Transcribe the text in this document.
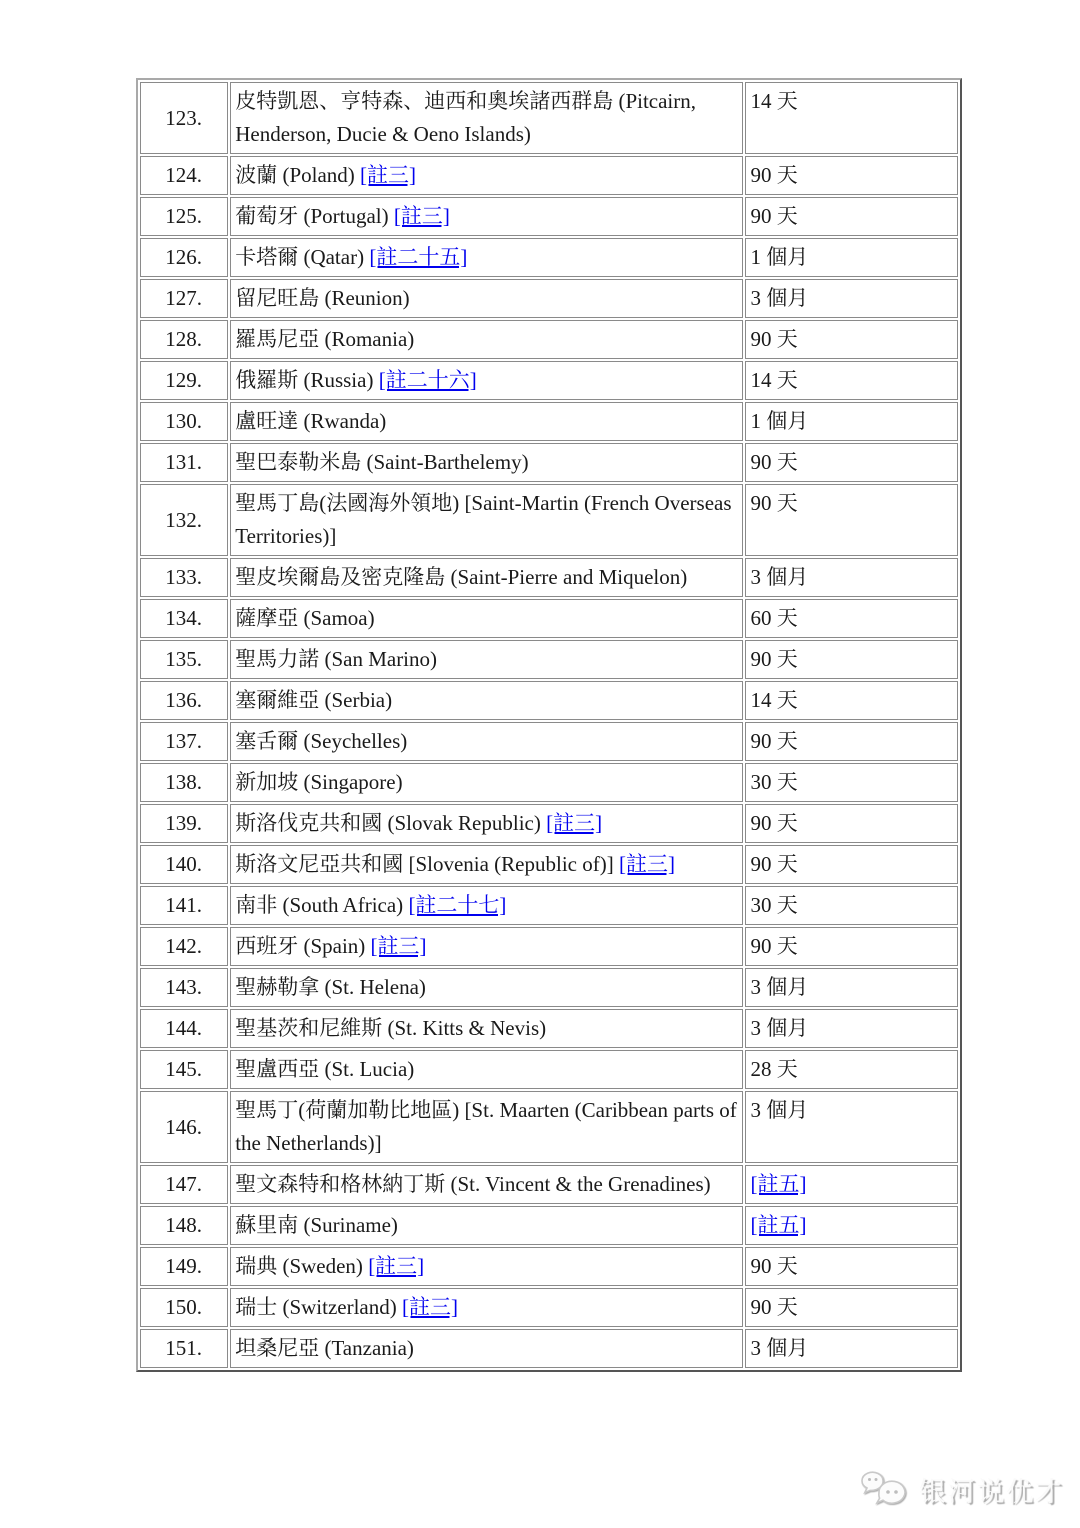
123.	皮特凱恩、亨特森、迪西和奧埃諸西群島 (Pitcairn, Henderson, Ducie & Oeno Islands)	14 天
124.	波蘭 (Poland) [註三]	90 天
125.	葡萄牙 (Portugal) [註三]	90 天
126.	卡塔爾 (Qatar) [註二十五]	1 個月
127.	留尼旺島 (Reunion)	3 個月
128.	羅馬尼亞 (Romania)	90 天
129.	俄羅斯 (Russia) [註二十六]	14 天
130.	盧旺達 (Rwanda)	1 個月
131.	聖巴泰勒米島 (Saint-Barthelemy)	90 天
132.	聖馬丁島(法國海外領地) [Saint-Martin (French Overseas Territories)]	90 天
133.	聖皮埃爾島及密克隆島 (Saint-Pierre and Miquelon)	3 個月
134.	薩摩亞 (Samoa)	60 天
135.	聖馬力諾 (San Marino)	90 天
136.	塞爾維亞 (Serbia)	14 天
137.	塞舌爾 (Seychelles)	90 天
138.	新加坡 (Singapore)	30 天
139.	斯洛伐克共和國 (Slovak Republic) [註三]	90 天
140.	斯洛文尼亞共和國 [Slovenia (Republic of)] [註三]	90 天
141.	南非 (South Africa) [註二十七]	30 天
142.	西班牙 (Spain) [註三]	90 天
143.	聖赫勒拿 (St. Helena)	3 個月
144.	聖基茨和尼維斯 (St. Kitts & Nevis)	3 個月
145.	聖盧西亞 (St. Lucia)	28 天
146.	聖馬丁(荷蘭加勒比地區) [St. Maarten (Caribbean parts of the Netherlands)]	3 個月
147.	聖文森特和格林納丁斯 (St. Vincent & the Grenadines)	[註五]
148.	蘇里南 (Suriname)	[註五]
149.	瑞典 (Sweden) [註三]	90 天
150.	瑞士 (Switzerland) [註三]	90 天
151.	坦桑尼亞 (Tanzania)	3 個月
银河说优才
